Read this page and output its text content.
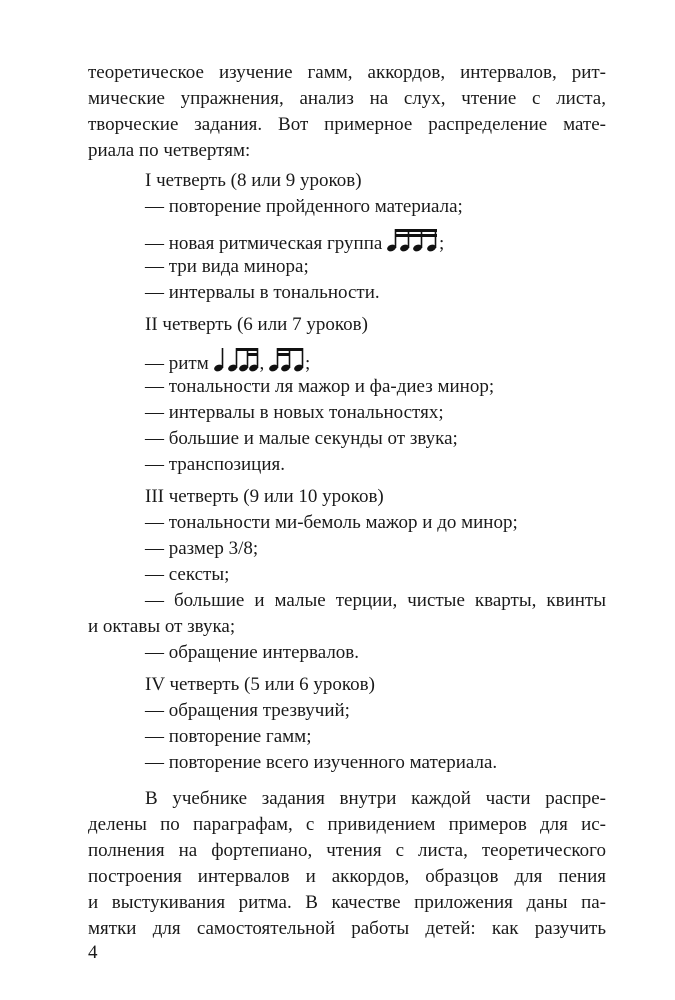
теоретическое изучение гамм, аккордов, интервалов, рит-
мические упражнения, анализ на слух, чтение с листа,
творческие задания. Вот примерное распределение мате-
риала по четвертям:
I четверть (8 или 9 уроков)
— повторение пройденного материала;
— новая ритмическая группа	;
— три вида минора;
— интервалы в тональности.
II четверть (6 или 7 уроков)
— ритм	, ;
— тональности ля мажор и фа-диез минор;
— интервалы в новых тональностях;
— большие и малые секунды от звука;
— транспозиция.
III четверть (9 или 10 уроков)
— тональности ми-бемоль мажор и до минор;
— размер 3/8;
— сексты;
— большие и малые терции, чистые кварты, квинты
и октавы от звука;
— обращение интервалов.
IV четверть (5 или 6 уроков)
— обращения трезвучий;
— повторение гамм;
— повторение всего изученного материала.
В учебнике задания внутри каждой части распре-
делены по параграфам, с привидением примеров для ис-
полнения на фортепиано, чтения с листа, теоретического
построения интервалов и аккордов, образцов для пения
и выстукивания ритма. В качестве приложения даны па-
мятки для самостоятельной работы детей: как разучить
4
